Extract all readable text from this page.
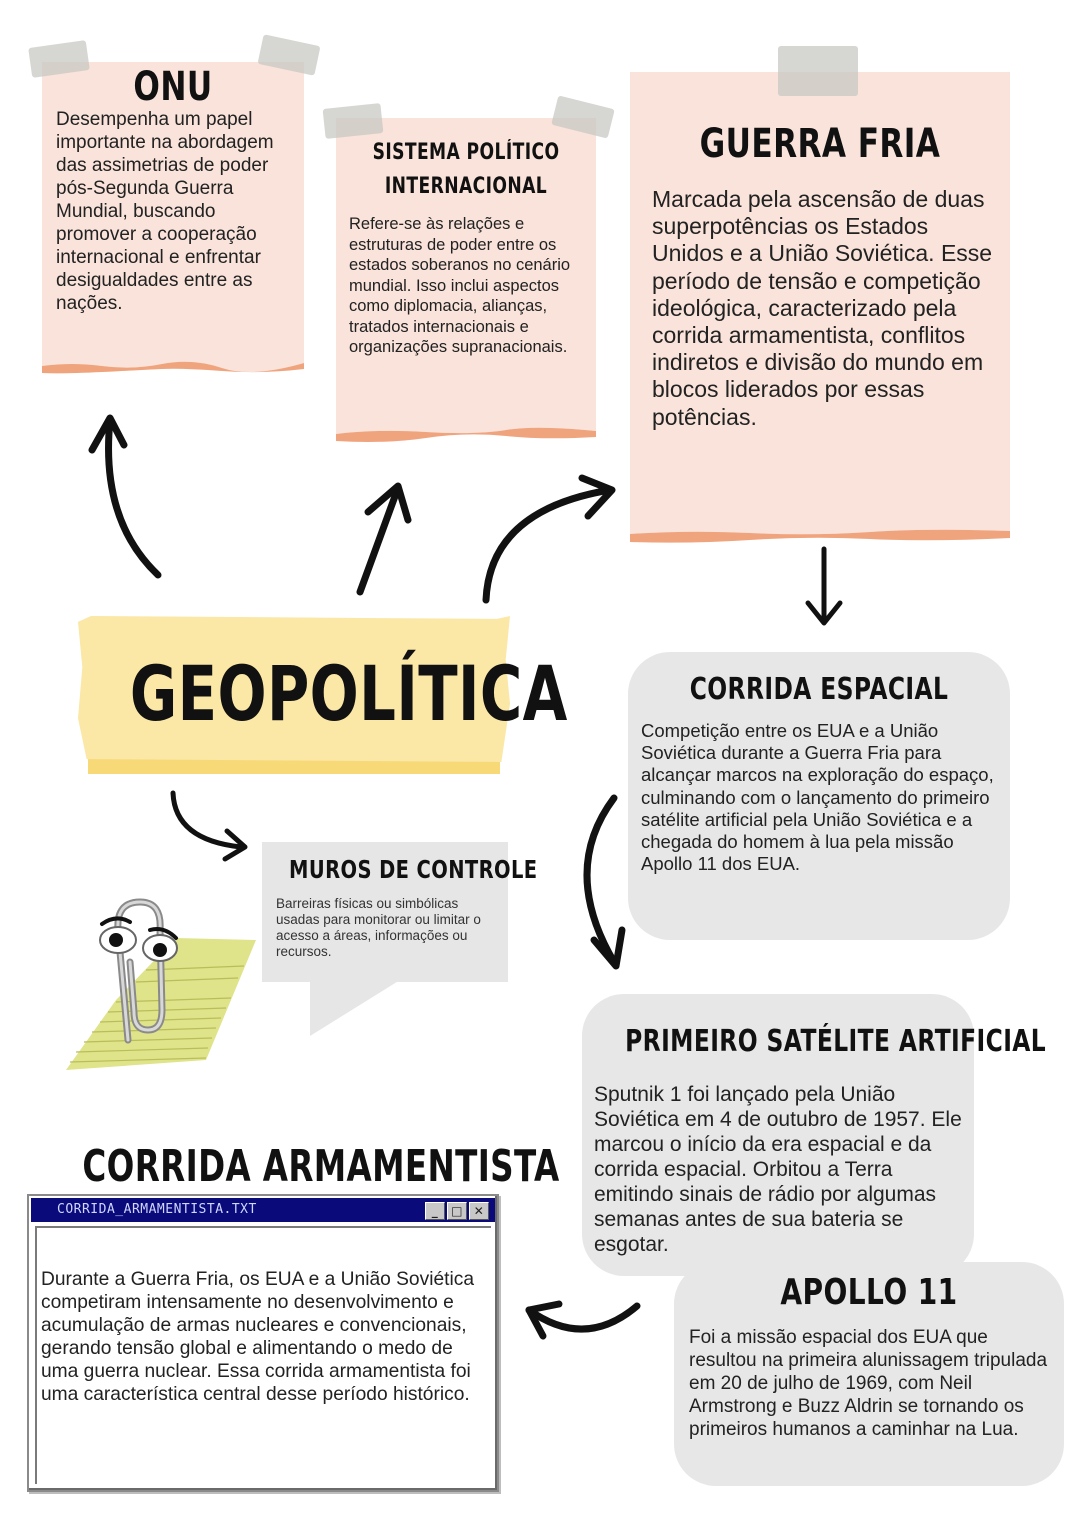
ONU

Desempenha um papel importante na abordagem das assimetrias de poder pós-Segunda Guerra Mundial, buscando promover a cooperação internacional e enfrentar desigualdades entre as nações.

SISTEMA POLÍTICO
INTERNACIONAL

Refere-se às relações e estruturas de poder entre os estados soberanos no cenário mundial. Isso inclui aspectos como diplomacia, alianças, tratados internacionais e organizações supranacionais.

GUERRA FRIA

Marcada pela ascensão de duas superpotências os Estados Unidos e a União Soviética. Esse período de tensão e competição ideológica, caracterizado pela corrida armamentista, conflitos indiretos e divisão do mundo em blocos liderados por essas potências.

GEOPOLÍTICA	CORRIDA ESPACIAL

Competição entre os EUA e a União Soviética durante a Guerra Fria para alcançar marcos na exploração do espaço, culminando com o lançamento do primeiro satélite artificial pela União Soviética e a chegada do homem à lua pela missão Apollo 11 dos EUA.

MUROS DE CONTROLE

Barreiras físicas ou simbólicas usadas para monitorar ou limitar o acesso a áreas, informações ou recursos.

PRIMEIRO SATÉLITE ARTIFICIAL

Sputnik 1 foi lançado pela União Soviética em 4 de outubro de 1957. Ele marcou o início da era espacial e da corrida espacial. Orbitou a Terra emitindo sinais de rádio por algumas semanas antes de sua bateria se esgotar.

APOLLO 11

Foi a missão espacial dos EUA que resultou na primeira alunissagem tripulada em 20 de julho de 1969, com Neil Armstrong e Buzz Aldrin se tornando os primeiros humanos a caminhar na Lua.

CORRIDA ARMAMENTISTA
CORRIDA_ARMAMENTISTA.TXT	_	□ ✕

Durante a Guerra Fria, os EUA e a União Soviética competiram intensamente no desenvolvimento e acumulação de armas nucleares e convencionais, gerando tensão global e alimentando o medo de uma guerra nuclear. Essa corrida armamentista foi uma característica central desse período histórico.
